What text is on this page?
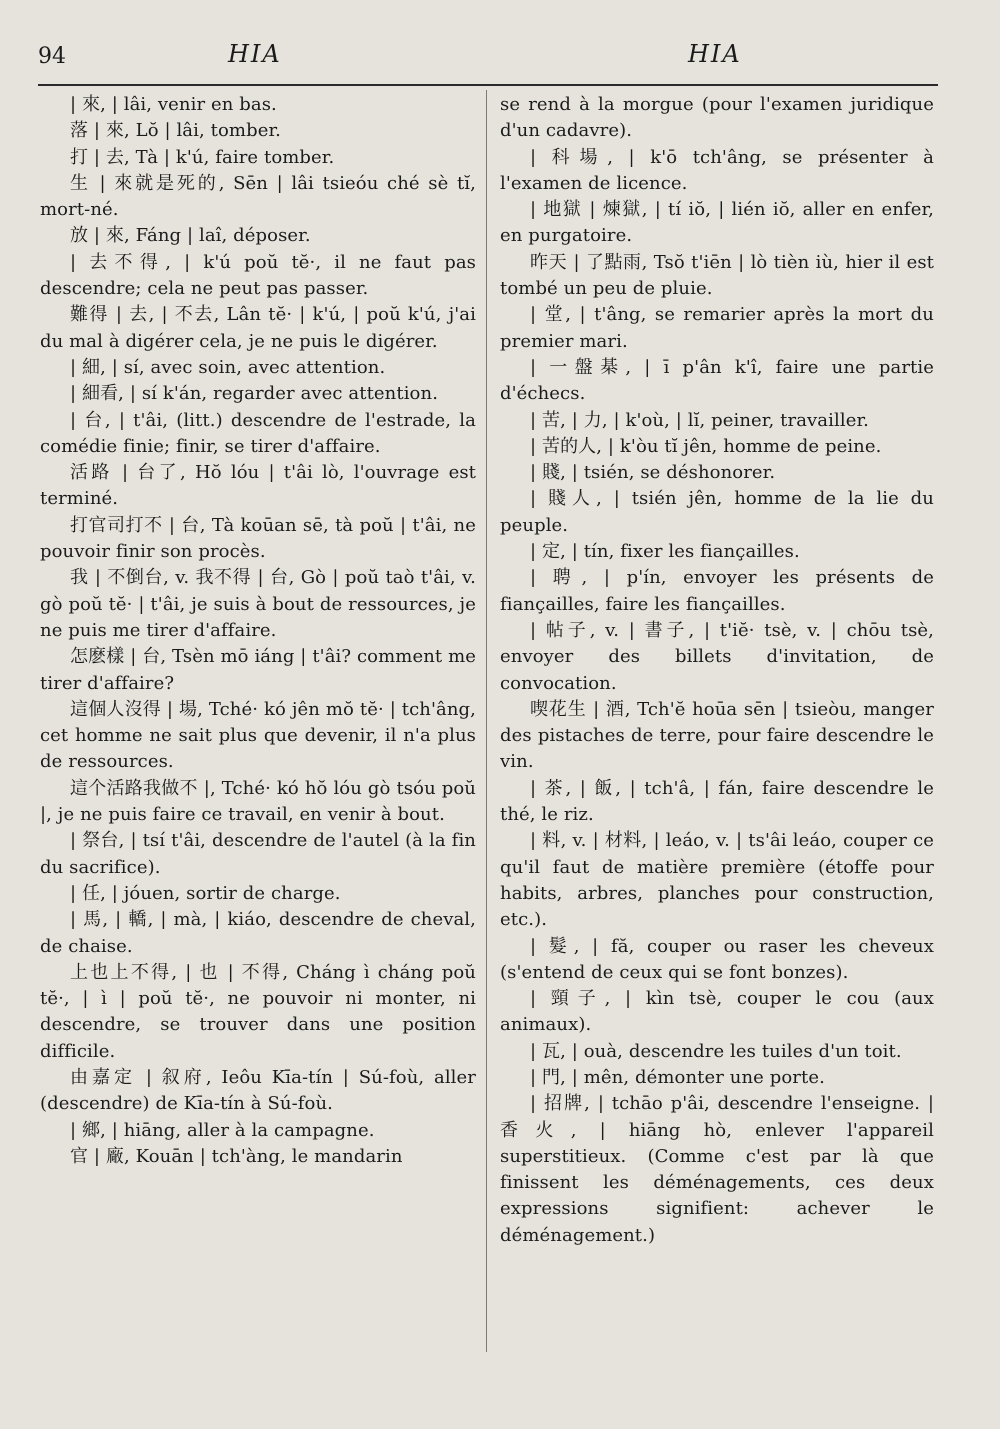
94	HIA	HIA

| 來, | lâi, venir en bas.

落 | 來, Lŏ | lâi, tomber.

打 | 去, Tà | k'ú, faire tomber.

生 | 來就是死的, Sēn | lâi tsieóu ché sè tĭ, mort-né.

放 | 來, Fáng | laî, déposer.

| 去不得, | k'ú poŭ tĕ·, il ne faut pas descendre; cela ne peut pas passer.

難得 | 去, | 不去, Lân tĕ· | k'ú, | poŭ k'ú, j'ai du mal à digérer cela, je ne puis le digérer.

| 細, | sí, avec soin, avec attention.

| 細看, | sí k'án, regarder avec attention.

| 台, | t'âi, (litt.) descendre de l'estrade, la comédie finie; finir, se tirer d'affaire.

活路 | 台了, Hŏ lóu | t'âi lò, l'ouvrage est terminé.

打官司打不 | 台, Tà koūan sē, tà poŭ | t'âi, ne pouvoir finir son procès.

我 | 不倒台, v. 我不得 | 台, Gò | poŭ taò t'âi, v. gò poŭ tĕ· | t'âi, je suis à bout de ressources, je ne puis me tirer d'affaire.

怎麽樣 | 台, Tsèn mō iáng | t'âi? comment me tirer d'affaire?

這個人沒得 | 場, Tché· kó jên mŏ tĕ· | tch'âng, cet homme ne sait plus que devenir, il n'a plus de ressources.

這个活路我做不 |, Tché· kó hŏ lóu gò tsóu poŭ |, je ne puis faire ce travail, en venir à bout.

| 祭台, | tsí t'âi, descendre de l'autel (à la fin du sacrifice).

| 任, | jóuen, sortir de charge.

| 馬, | 轎, | mà, | kiáo, descendre de cheval, de chaise.

上也上不得, | 也 | 不得, Cháng ì cháng poŭ tĕ·, | ì | poŭ tĕ·, ne pouvoir ni monter, ni descendre, se trouver dans une position difficile.

由嘉定 | 叙府, Ieôu Kīa-tín | Sú-foù, aller (descendre) de Kīa-tín à Sú-foù.

| 鄉, | hiāng, aller à la campagne.

官 | 廠, Kouān | tch'àng, le mandarin

se rend à la morgue (pour l'examen juridique d'un cadavre).

| 科場, | k'ō tch'âng, se présenter à l'examen de licence.

| 地獄 | 煉獄, | tí iŏ, | lién iŏ, aller en enfer, en purgatoire.

昨天 | 了點雨, Tsŏ t'iēn | lò tièn iù, hier il est tombé un peu de pluie.

| 堂, | t'âng, se remarier après la mort du premier mari.

| 一盤棊, | ī p'ân k'î, faire une partie d'échecs.

| 苦, | 力, | k'où, | lĭ, peiner, travailler.

| 苦的人, | k'òu tĭ jên, homme de peine.

| 賤, | tsién, se déshonorer.

| 賤人, | tsién jên, homme de la lie du peuple.

| 定, | tín, fixer les fiançailles.

| 聘, | p'ín, envoyer les présents de fiançailles, faire les fiançailles.

| 帖子, v. | 書子, | t'iĕ· tsè, v. | chōu tsè, envoyer des billets d'invitation, de convocation.

喫花生 | 酒, Tch'ĕ hoūa sēn | tsieòu, manger des pistaches de terre, pour faire descendre le vin.

| 茶, | 飯, | tch'â, | fán, faire descendre le thé, le riz.

| 料, v. | 材料, | leáo, v. | ts'âi leáo, couper ce qu'il faut de matière première (étoffe pour habits, arbres, planches pour construction, etc.).

| 髮, | fă, couper ou raser les cheveux (s'entend de ceux qui se font bonzes).

| 頸子, | kìn tsè, couper le cou (aux animaux).

| 瓦, | ouà, descendre les tuiles d'un toit.

| 門, | mên, démonter une porte.

| 招牌, | tchāo p'âi, descendre l'enseigne. | 香火, | hiāng hò, enlever l'appareil superstitieux. (Comme c'est par là que finissent les déménagements, ces deux expressions signifient: achever le déménagement.)
